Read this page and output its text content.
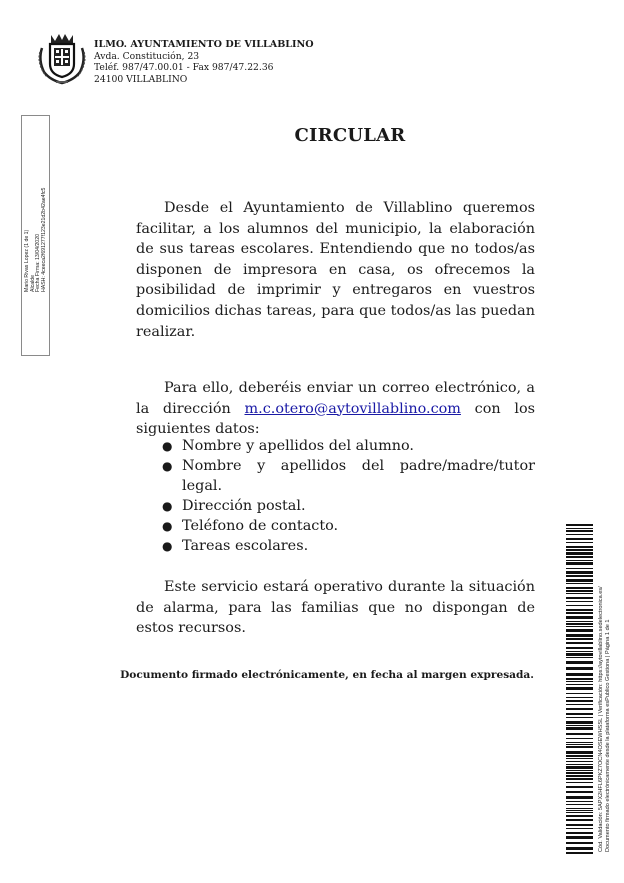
ILMO. AYUNTAMIENTO DE VILLABLINO
Avda. Constitución, 23
Teléf. 987/47.00.01 - Fax 987/47.22.36
24100 VILLABLINO
Mario Rivas Lopez (1 de 1) Alcalde Fecha Firma: 13/04/2020 HASH: 4ceeca2f691277f123e21d2b42ae4fc5
CIRCULAR
Desde el Ayuntamiento de Villablino queremos facilitar, a los alumnos del municipio, la elaboración de sus tareas escolares. Entendiendo que no todos/as disponen de impresora en casa, os ofrecemos la posibilidad de imprimir y entregaros en vuestros domicilios dichas tareas, para que todos/as las puedan realizar.
Para ello, deberéis enviar un correo electrónico, a la dirección m.c.otero@aytovillablino.com con los siguientes datos:
● Nombre y apellidos del alumno.
● Nombre y apellidos del padre/madre/tutor legal.
● Dirección postal.
● Teléfono de contacto.
● Tareas escolares.
Este servicio estará operativo durante la situación de alarma, para las familias que no dispongan de estos recursos.
Documento firmado electrónicamente, en fecha al margen expresada.	Cód. Validación: 5APX2HFL6PKZ7OCN4OSEWHSSL | Verificación: https://aytovillablino.sedelectronica.es/ Documento firmado electrónicamente desde la plataforma esPublico Gestiona | Página 1 de 1
